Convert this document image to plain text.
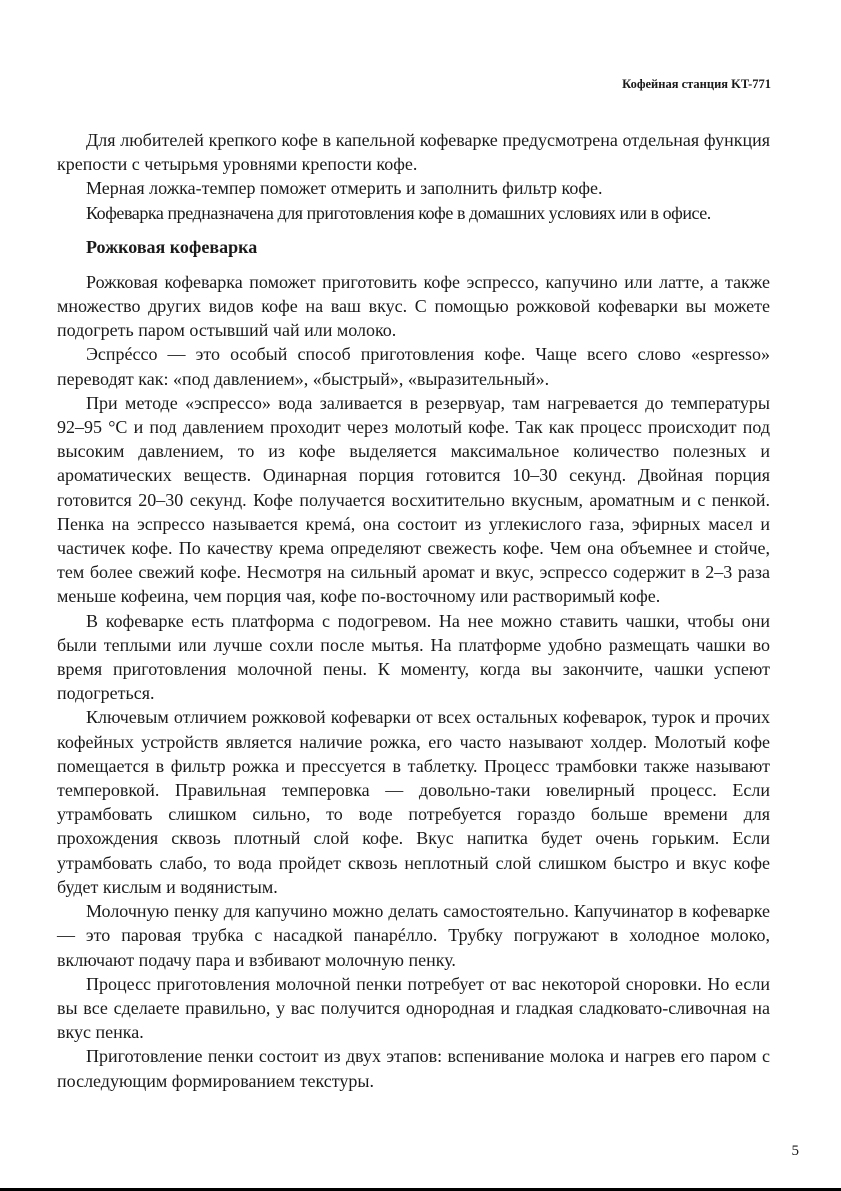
Кофейная станция KT-771

Для любителей крепкого кофе в капельной кофеварке предусмотрена отдельная функция крепости с четырьмя уровнями крепости кофе.

Мерная ложка-темпер поможет отмерить и заполнить фильтр кофе.

Кофеварка предназначена для приготовления кофе в домашних условиях или в офисе.

Рожковая кофеварка

Рожковая кофеварка поможет приготовить кофе эспрессо, капучино или латте, а также множество других видов кофе на ваш вкус. С помощью рожковой кофеварки вы можете подогреть паром остывший чай или молоко.

Эспрéссо — это особый способ приготовления кофе. Чаще всего слово «espresso» переводят как: «под давлением», «быстрый», «выразительный».

При методе «эспрессо» вода заливается в резервуар, там нагревается до температуры 92–95 °С и под давлением проходит через молотый кофе. Так как процесс происходит под высоким давлением, то из кофе выделяется максимальное количество полезных и ароматических веществ. Одинарная порция готовится 10–30 секунд. Двойная порция готовится 20–30 секунд. Кофе получается восхитительно вкусным, ароматным и с пенкой. Пенка на эспрессо называется кремá, она состоит из углекислого газа, эфирных масел и частичек кофе. По качеству крема определяют свежесть кофе. Чем она объемнее и стойче, тем более свежий кофе. Несмотря на сильный аромат и вкус, эспрессо содержит в 2–3 раза меньше кофеина, чем порция чая, кофе по-восточному или растворимый кофе.

В кофеварке есть платформа с подогревом. На нее можно ставить чашки, чтобы они были теплыми или лучше сохли после мытья. На платформе удобно размещать чашки во время приготовления молочной пены. К моменту, когда вы закончите, чашки успеют подогреться.

Ключевым отличием рожковой кофеварки от всех остальных кофеварок, турок и прочих кофейных устройств является наличие рожка, его часто называют холдер. Молотый кофе помещается в фильтр рожка и прессуется в таблетку. Процесс трамбовки также называют темперовкой. Правильная темперовка — довольно-таки ювелирный процесс. Если утрамбовать слишком сильно, то воде потребуется гораздо больше времени для прохождения сквозь плотный слой кофе. Вкус напитка будет очень горьким. Если утрамбовать слабо, то вода пройдет сквозь неплотный слой слишком быстро и вкус кофе будет кислым и водянистым.

Молочную пенку для капучино можно делать самостоятельно. Капучинатор в кофеварке — это паровая трубка с насадкой панарéлло. Трубку погружают в холодное молоко, включают подачу пара и взбивают молочную пенку.

Процесс приготовления молочной пенки потребует от вас некоторой сноровки. Но если вы все сделаете правильно, у вас получится однородная и гладкая сладковато-сливочная на вкус пенка.

Приготовление пенки состоит из двух этапов: вспенивание молока и нагрев его паром с последующим формированием текстуры.

5
